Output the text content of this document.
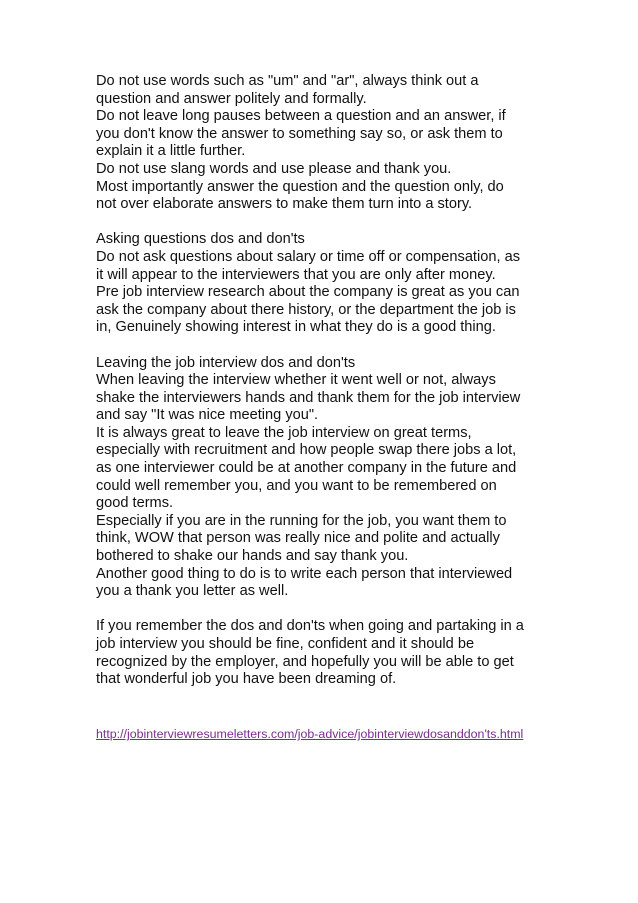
Do not use words such as "um" and "ar", always think out a
question and answer politely and formally.
Do not leave long pauses between a question and an answer, if
you don't know the answer to something say so, or ask them to
explain it a little further.
Do not use slang words and use please and thank you.
Most importantly answer the question and the question only, do
not over elaborate answers to make them turn into a story.
Asking questions dos and don'ts
Do not ask questions about salary or time off or compensation, as
it will appear to the interviewers that you are only after money.
Pre job interview research about the company is great as you can
ask the company about there history, or the department the job is
in, Genuinely showing interest in what they do is a good thing.
Leaving the job interview dos and don'ts
When leaving the interview whether it went well or not, always
shake the interviewers hands and thank them for the job interview
and say "It was nice meeting you".
It is always great to leave the job interview on great terms,
especially with recruitment and how people swap there jobs a lot,
as one interviewer could be at another company in the future and
could well remember you, and you want to be remembered on
good terms.
Especially if you are in the running for the job, you want them to
think, WOW that person was really nice and polite and actually
bothered to shake our hands and say thank you.
Another good thing to do is to write each person that interviewed
you a thank you letter as well.
If you remember the dos and don'ts when going and partaking in a
job interview you should be fine, confident and it should be
recognized by the employer, and hopefully you will be able to get
that wonderful job you have been dreaming of.
http://jobinterviewresumeletters.com/job-advice/jobinterviewdosanddon'ts.html
